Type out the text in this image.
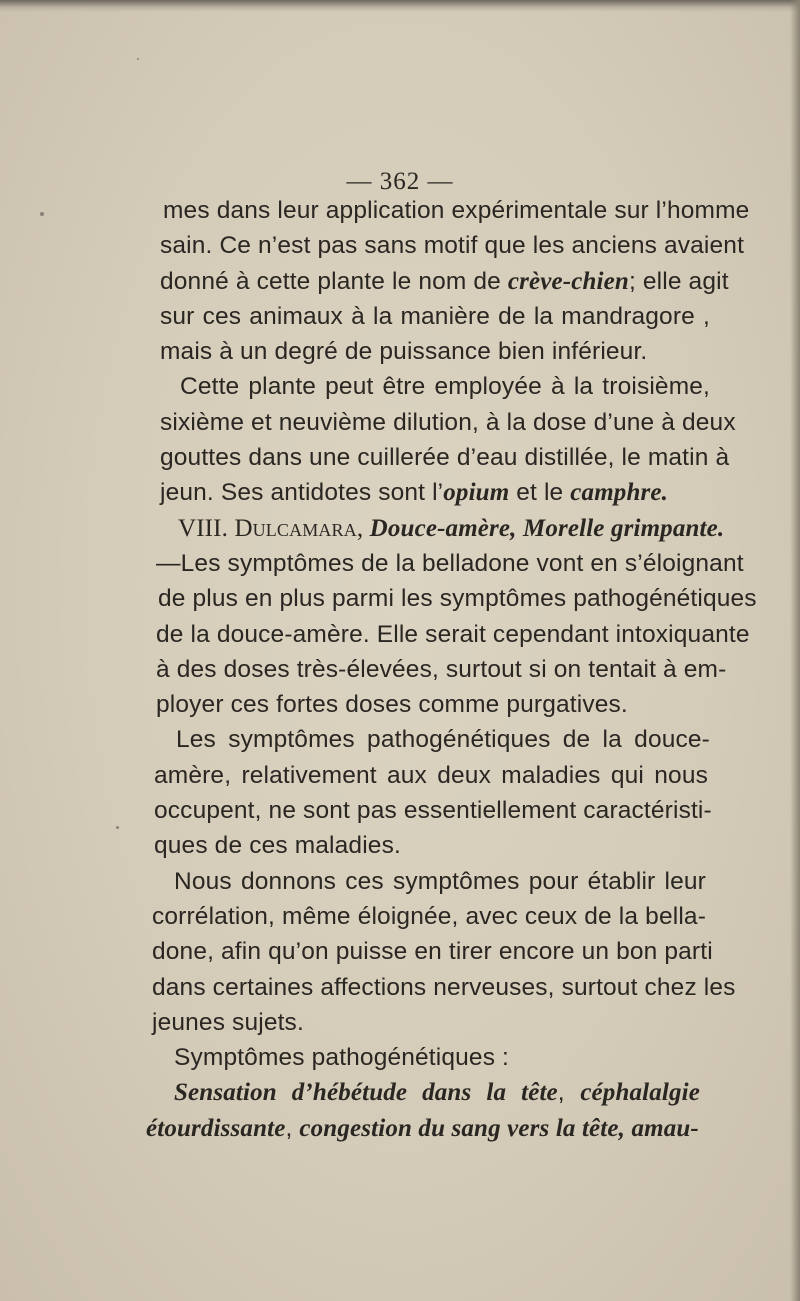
— 362 —
mes dans leur application expérimentale sur l’homme
sain. Ce n’est pas sans motif que les anciens avaient
donné à cette plante le nom de crève-chien; elle agit
sur ces animaux à la manière de la mandragore ,
mais à un degré de puissance bien inférieur.
Cette plante peut être employée à la troisième,
sixième et neuvième dilution, à la dose d’une à deux
gouttes dans une cuillerée d’eau distillée, le matin à
jeun. Ses antidotes sont l’opium et le camphre.
VIII. Dulcamara, Douce-amère, Morelle grimpante.
—Les symptômes de la belladone vont en s’éloignant
de plus en plus parmi les symptômes pathogénétiques
de la douce-amère. Elle serait cependant intoxiquante
à des doses très-élevées, surtout si on tentait à em-
ployer ces fortes doses comme purgatives.
Les symptômes pathogénétiques de la douce-
amère, relativement aux deux maladies qui nous
occupent, ne sont pas essentiellement caractéristi-
ques de ces maladies.
Nous donnons ces symptômes pour établir leur
corrélation, même éloignée, avec ceux de la bella-
done, afin qu’on puisse en tirer encore un bon parti
dans certaines affections nerveuses, surtout chez les
jeunes sujets.
Symptômes pathogénétiques :
Sensation d’hébétude dans la tête, céphalalgie
étourdissante, congestion du sang vers la tête, amau-
